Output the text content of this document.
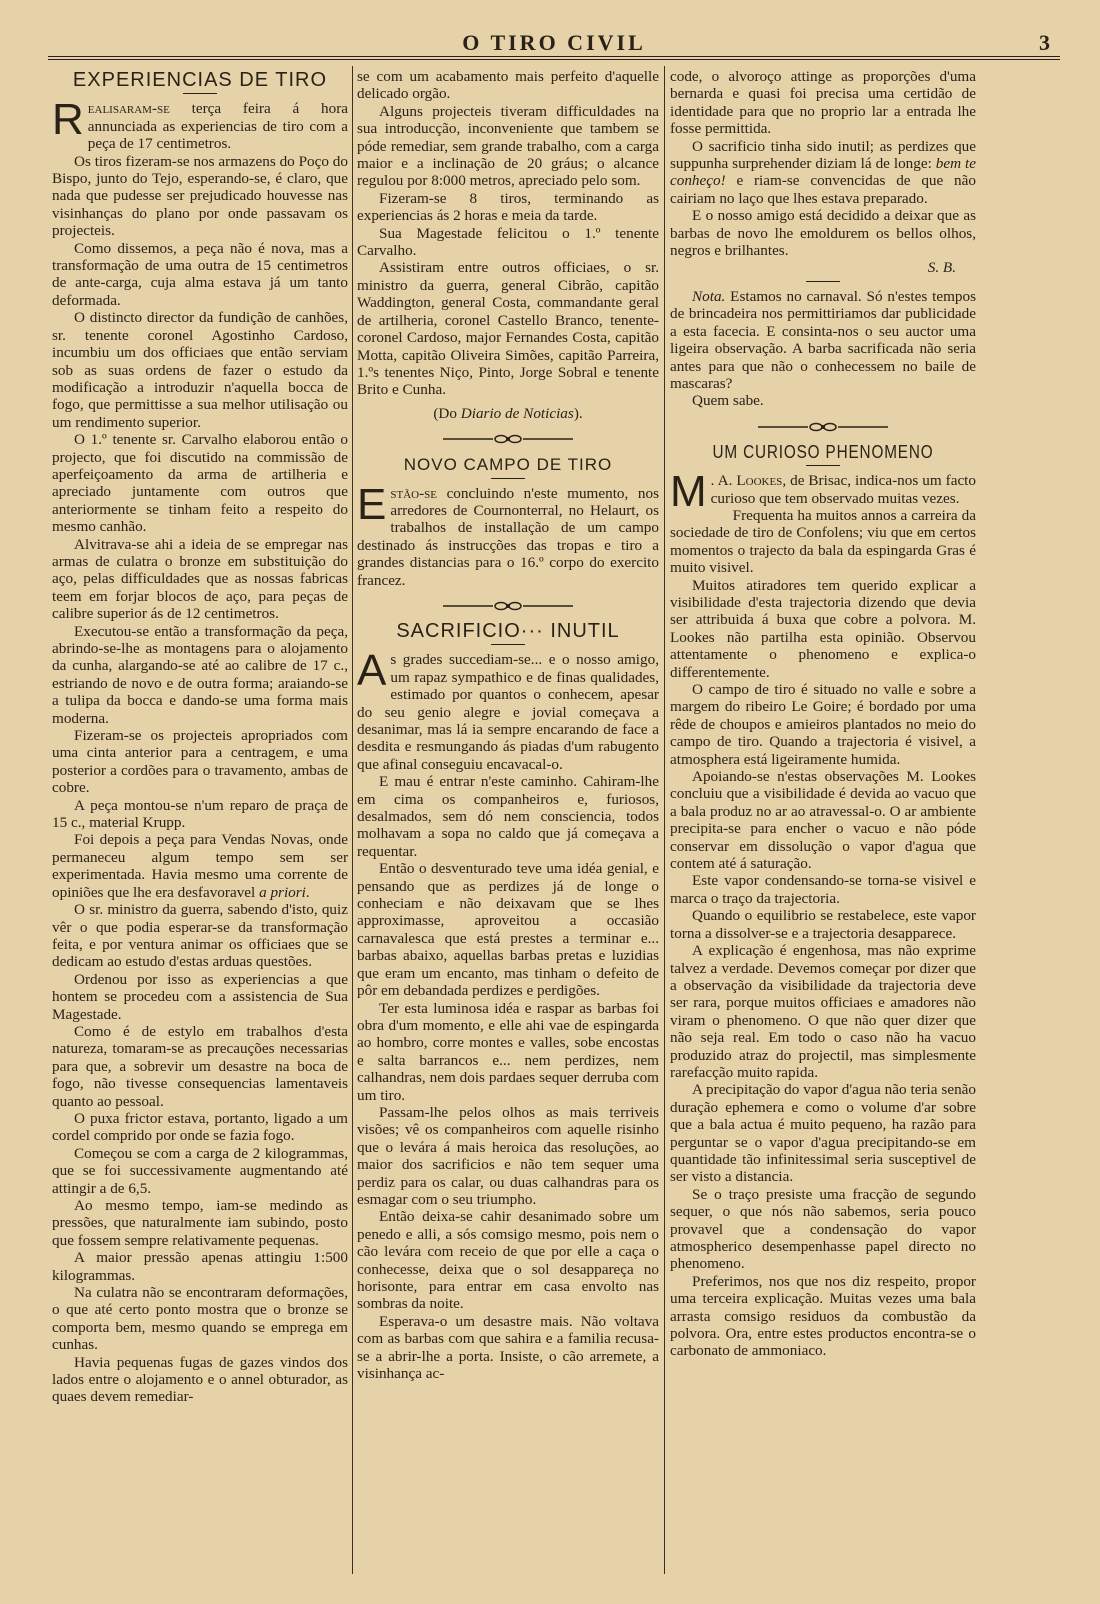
O TIRO CIVIL	3
EXPERIENCIAS DE TIRO

Realisaram-se terça feira á hora annunciada as experiencias de tiro com a peça de 17 centimetros.

Os tiros fizeram-se nos armazens do Poço do Bispo, junto do Tejo, esperando-se, é claro, que nada que pudesse ser prejudicado houvesse nas visinhanças do plano por onde passavam os projecteis.

Como dissemos, a peça não é nova, mas a transformação de uma outra de 15 centimetros de ante-carga, cuja alma estava já um tanto deformada.

O distincto director da fundição de canhões, sr. tenente coronel Agostinho Cardoso, incumbiu um dos officiaes que então serviam sob as suas ordens de fazer o estudo da modificação a introduzir n'aquella bocca de fogo, que permittisse a sua melhor utilisação ou um rendimento superior.

O 1.º tenente sr. Carvalho elaborou então o projecto, que foi discutido na commissão de aperfeiçoamento da arma de artilheria e apreciado juntamente com outros que anteriormente se tinham feito a respeito do mesmo canhão.

Alvitrava-se ahi a ideia de se empregar nas armas de culatra o bronze em substituição do aço, pelas difficuldades que as nossas fabricas teem em forjar blocos de aço, para peças de calibre superior ás de 12 centimetros.

Executou-se então a transformação da peça, abrindo-se-lhe as montagens para o alojamento da cunha, alargando-se até ao calibre de 17 c., estriando de novo e de outra forma; araiando-se a tulipa da bocca e dando-se uma forma mais moderna.

Fizeram-se os projecteis apropriados com uma cinta anterior para a centragem, e uma posterior a cordões para o travamento, ambas de cobre.

A peça montou-se n'um reparo de praça de 15 c., material Krupp.

Foi depois a peça para Vendas Novas, onde permaneceu algum tempo sem ser experimentada. Havia mesmo uma corrente de opiniões que lhe era desfavoravel a priori.

O sr. ministro da guerra, sabendo d'isto, quiz vêr o que podia esperar-se da transformação feita, e por ventura animar os officiaes que se dedicam ao estudo d'estas arduas questões.

Ordenou por isso as experiencias a que hontem se procedeu com a assistencia de Sua Magestade.

Como é de estylo em trabalhos d'esta natureza, tomaram-se as precauções necessarias para que, a sobrevir um desastre na boca de fogo, não tivesse consequencias lamentaveis quanto ao pessoal.

O puxa frictor estava, portanto, ligado a um cordel comprido por onde se fazia fogo.

Começou se com a carga de 2 kilogrammas, que se foi successivamente augmentando até attingir a de 6,5.

Ao mesmo tempo, iam-se medindo as pressões, que naturalmente iam subindo, posto que fossem sempre relativamente pequenas.

A maior pressão apenas attingiu 1:500 kilogrammas.

Na culatra não se encontraram deformações, o que até certo ponto mostra que o bronze se comporta bem, mesmo quando se emprega em cunhas.

Havia pequenas fugas de gazes vindos dos lados entre o alojamento e o annel obturador, as quaes devem remediar-

se com um acabamento mais perfeito d'aquelle delicado orgão.

Alguns projecteis tiveram difficuldades na sua introducção, inconveniente que tambem se póde remediar, sem grande trabalho, com a carga maior e a inclinação de 20 gráus; o alcance regulou por 8:000 metros, apreciado pelo som.

Fizeram-se 8 tiros, terminando as experiencias ás 2 horas e meia da tarde.

Sua Magestade felicitou o 1.º tenente Carvalho.

Assistiram entre outros officiaes, o sr. ministro da guerra, general Cibrão, capitão Waddington, general Costa, commandante geral de artilheria, coronel Castello Branco, tenente-coronel Cardoso, major Fernandes Costa, capitão Motta, capitão Oliveira Simões, capitão Parreira, 1.ºs tenentes Niço, Pinto, Jorge Sobral e tenente Brito e Cunha.

(Do Diario de Noticias).

NOVO CAMPO DE TIRO

Estão-se concluindo n'este mumento, nos arredores de Cournonterral, no Helaurt, os trabalhos de installação de um campo destinado ás instrucções das tropas e tiro a grandes distancias para o 16.º corpo do exercito francez.

SACRIFICIO··· INUTIL

As grades succediam-se... e o nosso amigo, um rapaz sympathico e de finas qualidades, estimado por quantos o conhecem, apesar do seu genio alegre e jovial começava a desanimar, mas lá ia sempre encarando de face a desdita e resmungando ás piadas d'um rabugento que afinal conseguiu encavacal-o.

E mau é entrar n'este caminho. Cahiram-lhe em cima os companheiros e, furiosos, desalmados, sem dó nem consciencia, todos molhavam a sopa no caldo que já começava a requentar.

Então o desventurado teve uma idéa genial, e pensando que as perdizes já de longe o conheciam e não deixavam que se lhes approximasse, aproveitou a occasião carnavalesca que está prestes a terminar e... barbas abaixo, aquellas barbas pretas e luzidias que eram um encanto, mas tinham o defeito de pôr em debandada perdizes e perdigões.

Ter esta luminosa idéa e raspar as barbas foi obra d'um momento, e elle ahi vae de espingarda ao hombro, corre montes e valles, sobe encostas e salta barrancos e... nem perdizes, nem calhandras, nem dois pardaes sequer derruba com um tiro.

Passam-lhe pelos olhos as mais terriveis visões; vê os companheiros com aquelle risinho que o levára á mais heroica das resoluções, ao maior dos sacrificios e não tem sequer uma perdiz para os calar, ou duas calhandras para os esmagar com o seu triumpho.

Então deixa-se cahir desanimado sobre um penedo e alli, a sós comsigo mesmo, pois nem o cão levára com receio de que por elle a caça o conhecesse, deixa que o sol desappareça no horisonte, para entrar em casa envolto nas sombras da noite.

Esperava-o um desastre mais. Não voltava com as barbas com que sahira e a familia recusa-se a abrir-lhe a porta. Insiste, o cão arremete, a visinhança ac-

code, o alvoroço attinge as proporções d'uma bernarda e quasi foi precisa uma certidão de identidade para que no proprio lar a entrada lhe fosse permittida.

O sacrificio tinha sido inutil; as perdizes que suppunha surprehender diziam lá de longe: bem te conheço! e riam-se convencidas de que não cairiam no laço que lhes estava preparado.

E o nosso amigo está decidido a deixar que as barbas de novo lhe emoldurem os bellos olhos, negros e brilhantes.

S. B.

Nota. Estamos no carnaval. Só n'estes tempos de brincadeira nos permittiriamos dar publicidade a esta facecia. E consinta-nos o seu auctor uma ligeira observação. A barba sacrificada não seria antes para que não o conhecessem no baile de mascaras?

Quem sabe.

UM CURIOSO PHENOMENO

M . A. Lookes, de Brisac, indica-nos um facto curioso que tem observado muitas vezes.

Frequenta ha muitos annos a carreira da sociedade de tiro de Confolens; viu que em certos momentos o trajecto da bala da espingarda Gras é muito visivel.

Muitos atiradores tem querido explicar a visibilidade d'esta trajectoria dizendo que devia ser attribuida á buxa que cobre a polvora. M. Lookes não partilha esta opinião. Observou attentamente o phenomeno e explica-o differentemente.

O campo de tiro é situado no valle e sobre a margem do ribeiro Le Goire; é bordado por uma rêde de choupos e amieiros plantados no meio do campo de tiro. Quando a trajectoria é visivel, a atmosphera está ligeiramente humida.

Apoiando-se n'estas observações M. Lookes concluiu que a visibilidade é devida ao vacuo que a bala produz no ar ao atravessal-o. O ar ambiente precipita-se para encher o vacuo e não póde conservar em dissolução o vapor d'agua que contem até á saturação.

Este vapor condensando-se torna-se visivel e marca o traço da trajectoria.

Quando o equilibrio se restabelece, este vapor torna a dissolver-se e a trajectoria desapparece.

A explicação é engenhosa, mas não exprime talvez a verdade. Devemos começar por dizer que a observação da visibilidade da trajectoria deve ser rara, porque muitos officiaes e amadores não viram o phenomeno. O que não quer dizer que não seja real. Em todo o caso não ha vacuo produzido atraz do projectil, mas simplesmente rarefacção muito rapida.

A precipitação do vapor d'agua não teria senão duração ephemera e como o volume d'ar sobre que a bala actua é muito pequeno, ha razão para perguntar se o vapor d'agua precipitando-se em quantidade tão infinitessimal seria susceptivel de ser visto a distancia.

Se o traço presiste uma fracção de segundo sequer, o que nós não sabemos, seria pouco provavel que a condensação do vapor atmospherico desempenhasse papel directo no phenomeno.

Preferimos, nos que nos diz respeito, propor uma terceira explicação. Muitas vezes uma bala arrasta comsigo residuos da combustão da polvora. Ora, entre estes productos encontra-se o carbonato de ammoniaco.
